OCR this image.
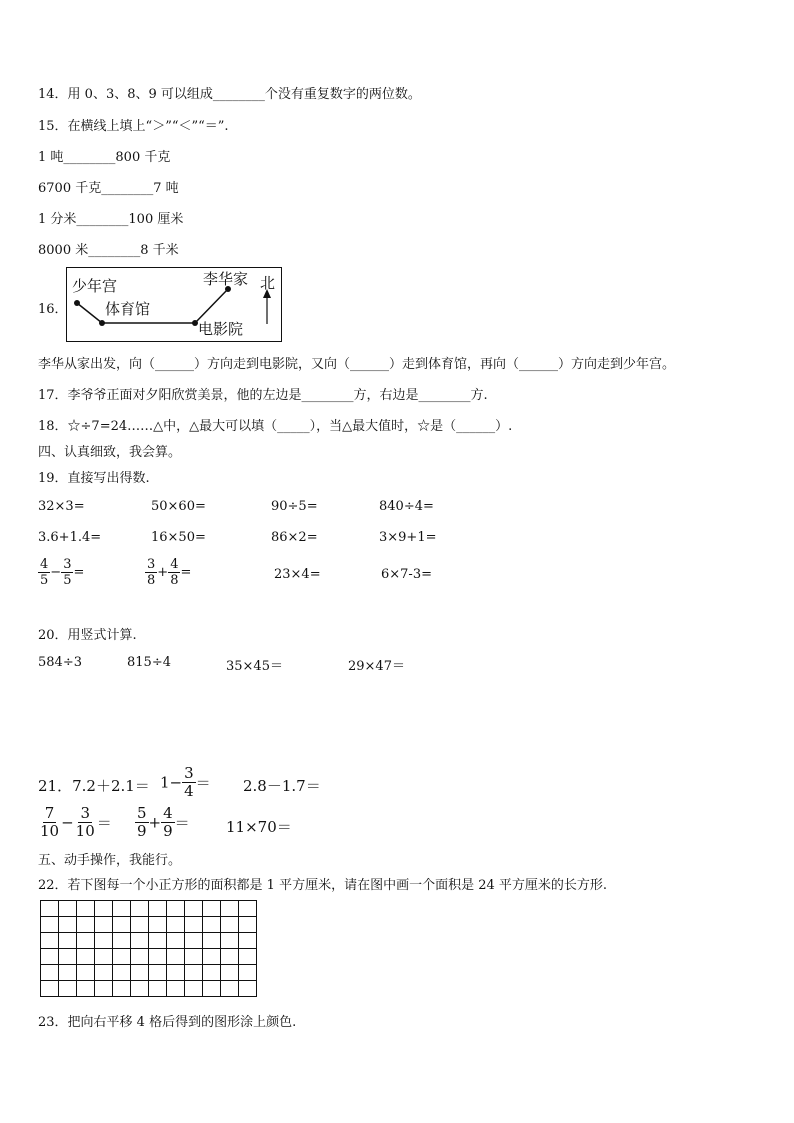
14．用 0、3、8、9 可以组成________个没有重复数字的两位数。
15．在横线上填上“＞”“＜”“＝”.
1 吨________800 千克
6700 千克________7 吨
1 分米________100 厘米
8000 米________8 千米
16．
少年宫
体育馆
电影院
李华家 北
李华从家出发，向（______）方向走到电影院，又向（______）走到体育馆，再向（______）方向走到少年宫。
17．李爷爷正面对夕阳欣赏美景，他的左边是________方，右边是________方.
18．☆÷7=24……△中，△最大可以填（_____），当△最大值时，☆是（______）.
四、认真细致，我会算。
19．直接写出得数.
32×3=	50×60=	90÷5=	840÷4=
3.6+1.4=	16×50=	86×2=	3×9+1=
$\frac{4}{5} - \frac{3}{5}$ =	$\frac{3}{8} + \frac{4}{8}$ =	23×4=	6×7-3=
20．用竖式计算.
584÷3	815÷4	35×45＝	29×47＝
21．$7.2+2.1= 1- \frac{3}{4} = 2.8-1.7=$
$\frac{7}{10} - \frac{3}{10} = \frac{5}{9} + \frac{4}{9} = 11\times 70=$
五、动手操作，我能行。
22．若下图每一个小正方形的面积都是 1 平方厘米，请在图中画一个面积是 24 平方厘米的长方形.

23．把向右平移 4 格后得到的图形涂上颜色.
